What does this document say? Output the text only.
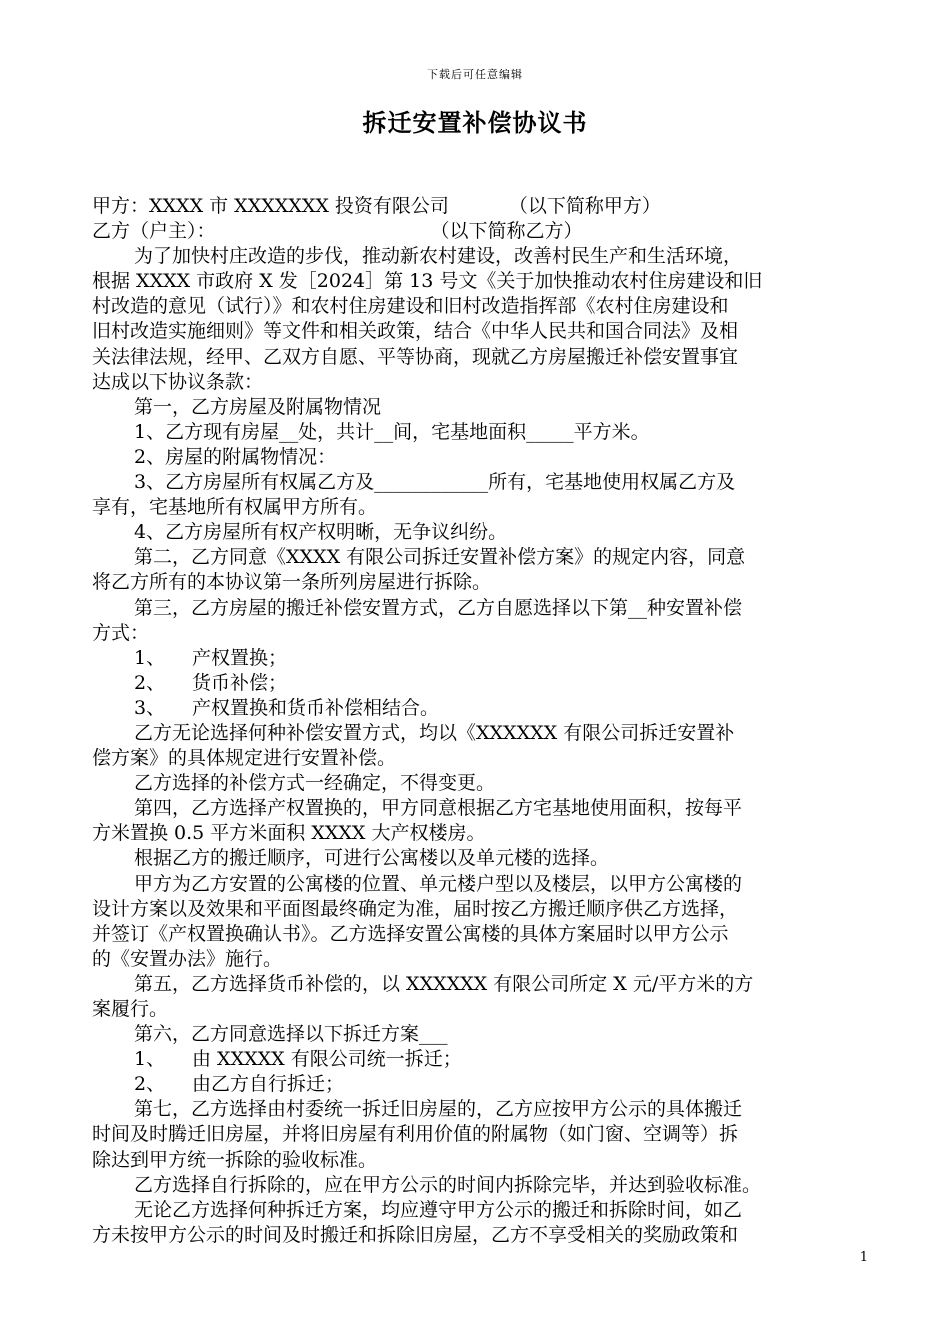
下载后可任意编辑
拆迁安置补偿协议书

甲方：XXXX 市 XXXXXXX 投资有限公司	（以下简称甲方）

乙方（户主）：	（以下简称乙方）

为了加快村庄改造的步伐，推动新农村建设，改善村民生产和生活环境，

根据 XXXX 市政府 X 发［2024］第 13 号文《关于加快推动农村住房建设和旧

村改造的意见（试行）》和农村住房建设和旧村改造指挥部《农村住房建设和

旧村改造实施细则》等文件和相关政策，结合《中华人民共和国合同法》及相

关法律法规，经甲、乙双方自愿、平等协商，现就乙方房屋搬迁补偿安置事宜

达成以下协议条款：

第一，乙方房屋及附属物情况

1、乙方现有房屋__处，共计__间，宅基地面积_____平方米。

2、房屋的附属物情况：

3、乙方房屋所有权属乙方及____________所有，宅基地使用权属乙方及

享有，宅基地所有权属甲方所有。

4、乙方房屋所有权产权明晰，无争议纠纷。

第二，乙方同意《XXXX 有限公司拆迁安置补偿方案》的规定内容，同意

将乙方所有的本协议第一条所列房屋进行拆除。

第三，乙方房屋的搬迁补偿安置方式，乙方自愿选择以下第__种安置补偿

方式：

1、 产权置换；

2、 货币补偿；

3、 产权置换和货币补偿相结合。

乙方无论选择何种补偿安置方式，均以《XXXXXX 有限公司拆迁安置补

偿方案》的具体规定进行安置补偿。

乙方选择的补偿方式一经确定，不得变更。

第四，乙方选择产权置换的，甲方同意根据乙方宅基地使用面积，按每平

方米置换 0.5 平方米面积 XXXX 大产权楼房。

根据乙方的搬迁顺序，可进行公寓楼以及单元楼的选择。

甲方为乙方安置的公寓楼的位置、单元楼户型以及楼层，以甲方公寓楼的

设计方案以及效果和平面图最终确定为准，届时按乙方搬迁顺序供乙方选择，

并签订《产权置换确认书》。乙方选择安置公寓楼的具体方案届时以甲方公示

的《安置办法》施行。

第五，乙方选择货币补偿的，以 XXXXXX 有限公司所定 X 元/平方米的方

案履行。

第六，乙方同意选择以下拆迁方案___

1、 由 XXXXX 有限公司统一拆迁；

2、 由乙方自行拆迁；

第七，乙方选择由村委统一拆迁旧房屋的，乙方应按甲方公示的具体搬迁

时间及时腾迁旧房屋，并将旧房屋有利用价值的附属物（如门窗、空调等）拆

除达到甲方统一拆除的验收标准。

乙方选择自行拆除的，应在甲方公示的时间内拆除完毕，并达到验收标准。

无论乙方选择何种拆迁方案，均应遵守甲方公示的搬迁和拆除时间，如乙

方未按甲方公示的时间及时搬迁和拆除旧房屋，乙方不享受相关的奖励政策和

1
